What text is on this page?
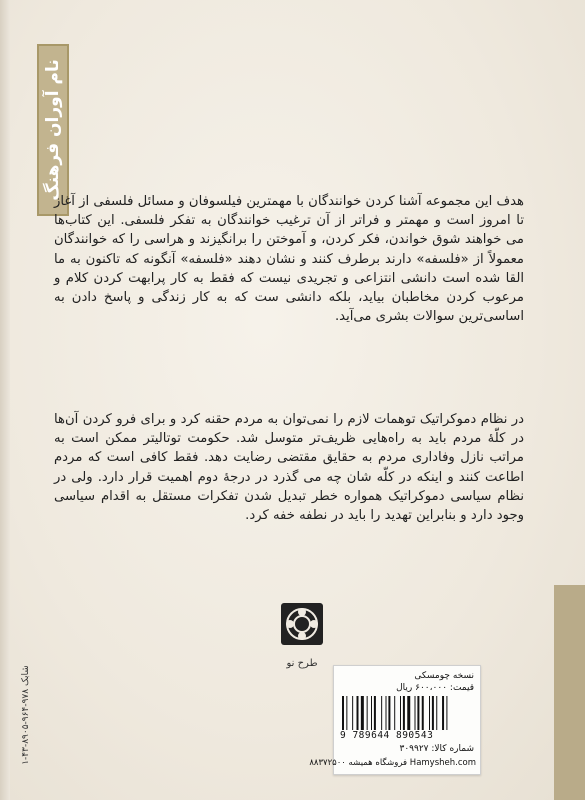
نام آوران فرهنگ

هدف این مجموعه آشنا کردن خوانندگان با مهمترین فیلسوفان و مسائل فلسفی از آغاز تا امروز است و مهمتر و فراتر از آن ترغیب خوانندگان به تفکر فلسفی. این کتاب‌ها می خواهند شوق خواندن، فکر کردن، و آموختن را برانگیزند و هراسی را که خوانندگان معمولاً از «فلسفه» دارند برطرف کنند و نشان دهند «فلسفه» آنگونه که تاکنون به ما القا شده است دانشی انتزاعی و تجریدی نیست که فقط به کار پرابهت کردن کلام و مرعوب کردن مخاطبان بیاید، بلکه دانشی ست که به کار زندگی و پاسخ دادن به اساسی‌ترین سوالات بشری می‌آید.

در نظام دموکراتیک توهمات لازم را نمی‌توان به مردم حقنه کرد و برای فرو کردن آن‌ها در کلّهٔ مردم باید به راه‌هایی ظریف‌تر متوسل شد. حکومت توتالیتر ممکن است به مراتب نازل وفاداری مردم به حقایق مقتضی رضایت دهد. فقط کافی است که مردم اطاعت کنند و اینکه در کلّه شان چه می گذرد در درجهٔ دوم اهمیت قرار دارد. ولی در نظام سیاسی دموکراتیک همواره خطر تبدیل شدن تفکرات مستقل به اقدام سیاسی وجود دارد و بنابراین تهدید را باید در نطفه خفه کرد.

طرح نو
شابک ۹۷۸-۹۶۴-۸۹۰۵-۴۳-۱	نسخه چومسکی
قیمت: ۶۰۰،۰۰۰ ریال
9 789644 890543
شماره کالا: ۳۰۹۹۲۷
Hamysheh.com فروشگاه همیشه ۸۸۳۷۲۵۰۰
